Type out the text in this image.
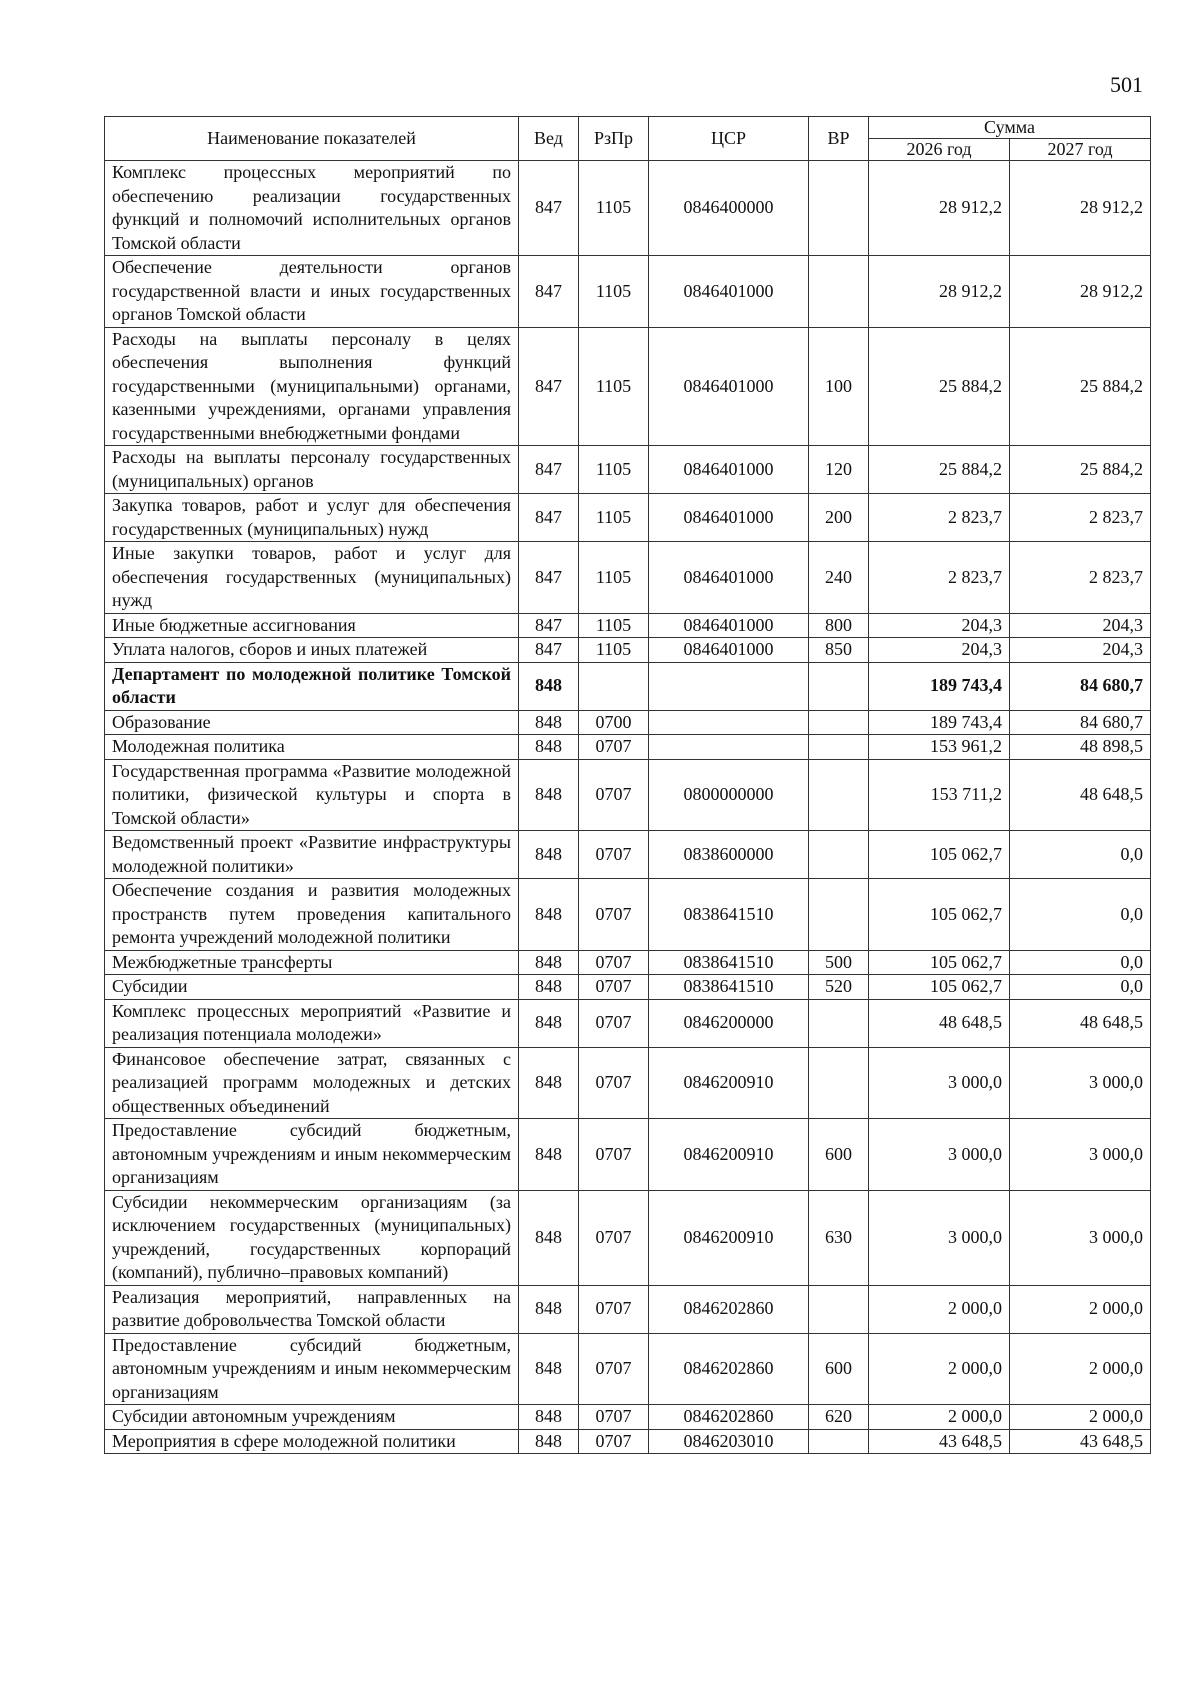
501
Наименование показателей	Вед	РзПр	ЦСР	ВР	Сумма	
					2026 год	2027 год
Комплекс процессных мероприятий по обеспечению реализации государственных функций и полномочий исполнительных органов Томской области	847	1105	0846400000		28 912,2	28 912,2
Обеспечение деятельности органов государственной власти и иных государственных органов Томской области	847	1105	0846401000		28 912,2	28 912,2
Расходы на выплаты персоналу в целях обеспечения выполнения функций государственными (муниципальными) органами, казенными учреждениями, органами управления государственными внебюджетными фондами	847	1105	0846401000	100	25 884,2	25 884,2
Расходы на выплаты персоналу государственных (муниципальных) органов	847	1105	0846401000	120	25 884,2	25 884,2
Закупка товаров, работ и услуг для обеспечения государственных (муниципальных) нужд	847	1105	0846401000	200	2 823,7	2 823,7
Иные закупки товаров, работ и услуг для обеспечения государственных (муниципальных) нужд	847	1105	0846401000	240	2 823,7	2 823,7
Иные бюджетные ассигнования	847	1105	0846401000	800	204,3	204,3
Уплата налогов, сборов и иных платежей	847	1105	0846401000	850	204,3	204,3
Департамент по молодежной политике Томской области	848				189 743,4	84 680,7
Образование	848	0700			189 743,4	84 680,7
Молодежная политика	848	0707			153 961,2	48 898,5
Государственная программа «Развитие молодежной политики, физической культуры и спорта в Томской области»	848	0707	0800000000		153 711,2	48 648,5
Ведомственный проект «Развитие инфраструктуры молодежной политики»	848	0707	0838600000		105 062,7	0,0
Обеспечение создания и развития молодежных пространств путем проведения капитального ремонта учреждений молодежной политики	848	0707	0838641510		105 062,7	0,0
Межбюджетные трансферты	848	0707	0838641510	500	105 062,7	0,0
Субсидии	848	0707	0838641510	520	105 062,7	0,0
Комплекс процессных мероприятий «Развитие и реализация потенциала молодежи»	848	0707	0846200000		48 648,5	48 648,5
Финансовое обеспечение затрат, связанных с реализацией программ молодежных и детских общественных объединений	848	0707	0846200910		3 000,0	3 000,0
Предоставление субсидий бюджетным, автономным учреждениям и иным некоммерческим организациям	848	0707	0846200910	600	3 000,0	3 000,0
Субсидии некоммерческим организациям (за исключением государственных (муниципальных) учреждений, государственных корпораций (компаний), публично–правовых компаний)	848	0707	0846200910	630	3 000,0	3 000,0
Реализация мероприятий, направленных на развитие добровольчества Томской области	848	0707	0846202860		2 000,0	2 000,0
Предоставление субсидий бюджетным, автономным учреждениям и иным некоммерческим организациям	848	0707	0846202860	600	2 000,0	2 000,0
Субсидии автономным учреждениям	848	0707	0846202860	620	2 000,0	2 000,0
Мероприятия в сфере молодежной политики	848	0707	0846203010		43 648,5	43 648,5
